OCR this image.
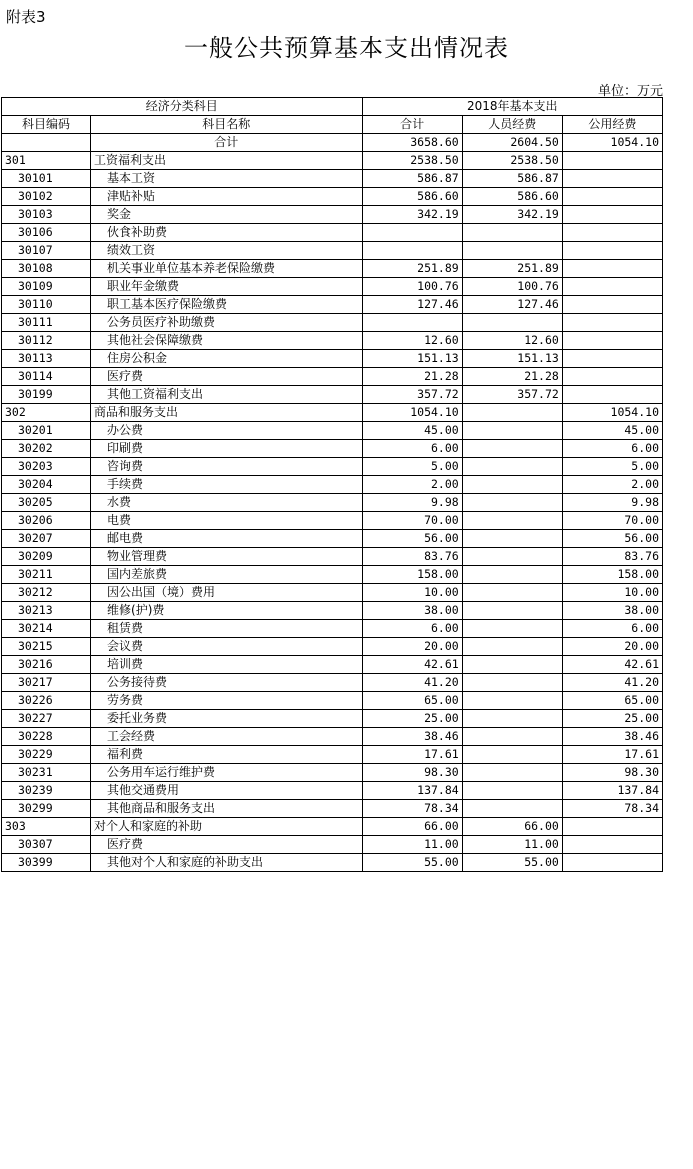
附表3
一般公共预算基本支出情况表
单位：万元
经济分类科目		2018年基本支出		
科目编码	科目名称	合计	人员经费	公用经费
	合计	3658.60	2604.50	1054.10
301	工资福利支出	2538.50	2538.50	
30101	基本工资	586.87	586.87	
30102	津贴补贴	586.60	586.60	
30103	奖金	342.19	342.19	
30106	伙食补助费			
30107	绩效工资			
30108	机关事业单位基本养老保险缴费	251.89	251.89	
30109	职业年金缴费	100.76	100.76	
30110	职工基本医疗保险缴费	127.46	127.46	
30111	公务员医疗补助缴费			
30112	其他社会保障缴费	12.60	12.60	
30113	住房公积金	151.13	151.13	
30114	医疗费	21.28	21.28	
30199	其他工资福利支出	357.72	357.72	
302	商品和服务支出	1054.10		1054.10
30201	办公费	45.00		45.00
30202	印刷费	6.00		6.00
30203	咨询费	5.00		5.00
30204	手续费	2.00		2.00
30205	水费	9.98		9.98
30206	电费	70.00		70.00
30207	邮电费	56.00		56.00
30209	物业管理费	83.76		83.76
30211	国内差旅费	158.00		158.00
30212	因公出国（境）费用	10.00		10.00
30213	维修(护)费	38.00		38.00
30214	租赁费	6.00		6.00
30215	会议费	20.00		20.00
30216	培训费	42.61		42.61
30217	公务接待费	41.20		41.20
30226	劳务费	65.00		65.00
30227	委托业务费	25.00		25.00
30228	工会经费	38.46		38.46
30229	福利费	17.61		17.61
30231	公务用车运行维护费	98.30		98.30
30239	其他交通费用	137.84		137.84
30299	其他商品和服务支出	78.34		78.34
303	对个人和家庭的补助	66.00	66.00	
30307	医疗费	11.00	11.00	
30399	其他对个人和家庭的补助支出	55.00	55.00	
